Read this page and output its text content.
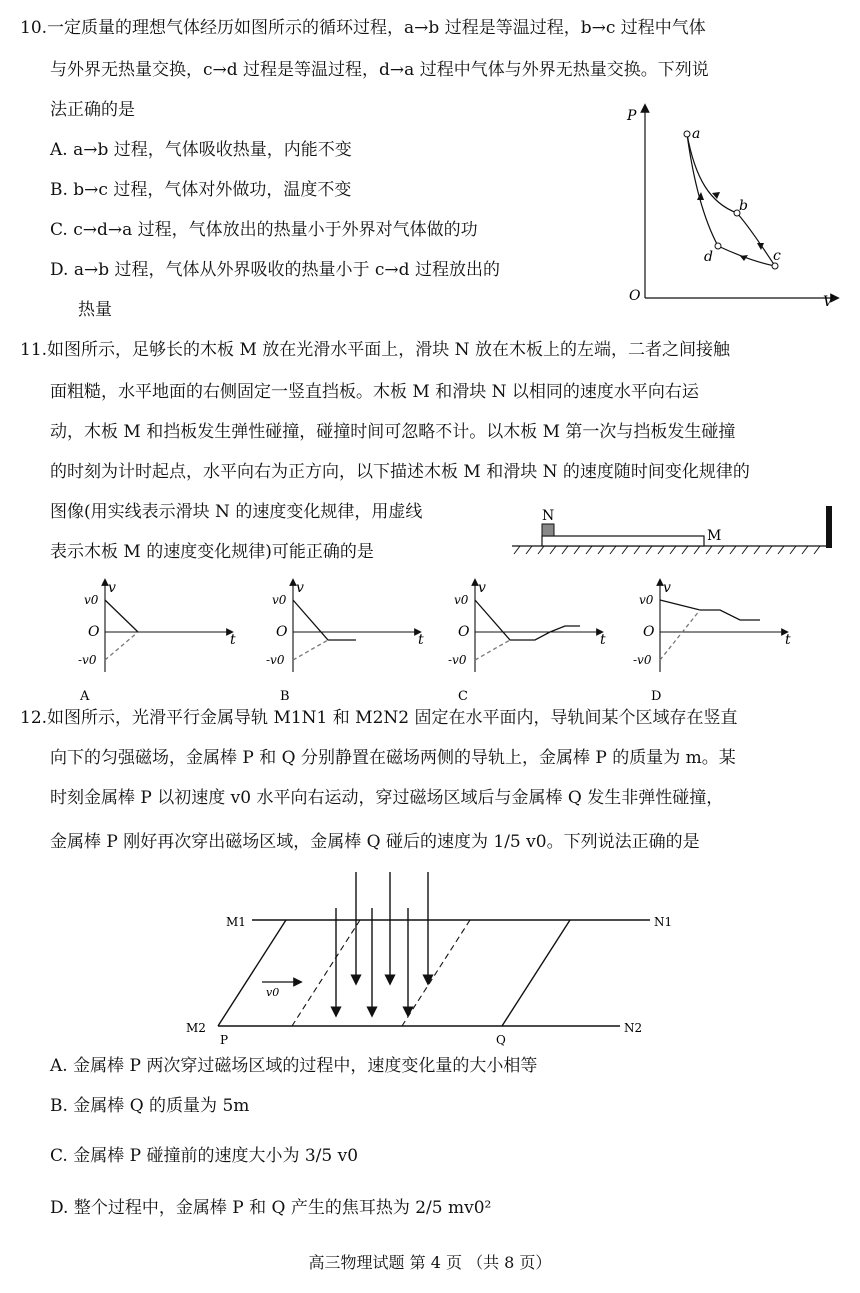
10.一定质量的理想气体经历如图所示的循环过程，a→b 过程是等温过程，b→c 过程中气体
与外界无热量交换，c→d 过程是等温过程，d→a 过程中气体与外界无热量交换。下列说
法正确的是
A. a→b 过程，气体吸收热量，内能不变
B. b→c 过程，气体对外做功，温度不变
C. c→d→a 过程，气体放出的热量小于外界对气体做的功
D. a→b 过程，气体从外界吸收的热量小于 c→d 过程放出的
热量
P
O	V
a
b
c
d
11.如图所示，足够长的木板 M 放在光滑水平面上，滑块 N 放在木板上的左端，二者之间接触
面粗糙，水平地面的右侧固定一竖直挡板。木板 M 和滑块 N 以相同的速度水平向右运
动，木板 M 和挡板发生弹性碰撞，碰撞时间可忽略不计。以木板 M 第一次与挡板发生碰撞
的时刻为计时起点，水平向右为正方向，以下描述木板 M 和滑块 N 的速度随时间变化规律的
图像(用实线表示滑块 N 的速度变化规律，用虚线
表示木板 M 的速度变化规律)可能正确的是
N
M
v
v0
O
-v0
t
A
v
v0
O
-v0
t
B
v
v0
O
-v0
t
C
v
v0
O
-v0
t
D
12.如图所示，光滑平行金属导轨 M1N1 和 M2N2 固定在水平面内，导轨间某个区域存在竖直
向下的匀强磁场，金属棒 P 和 Q 分别静置在磁场两侧的导轨上，金属棒 P 的质量为 m。某
时刻金属棒 P 以初速度 v0 水平向右运动，穿过磁场区域后与金属棒 Q 发生非弹性碰撞，
金属棒 P 刚好再次穿出磁场区域，金属棒 Q 碰后的速度为 1/5 v0。下列说法正确的是
M1	N1
M2	N2
P	Q
v0
A. 金属棒 P 两次穿过磁场区域的过程中，速度变化量的大小相等
B. 金属棒 Q 的质量为 5m
C. 金属棒 P 碰撞前的速度大小为 3/5 v0
D. 整个过程中，金属棒 P 和 Q 产生的焦耳热为 2/5 mv0²
高三物理试题 第 4 页 （共 8 页）
